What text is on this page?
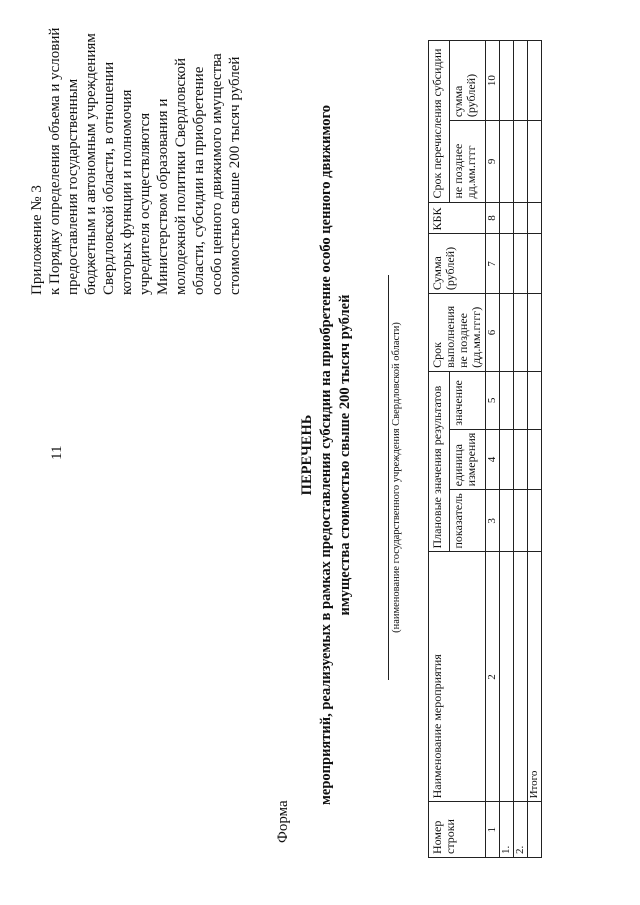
11
Приложение № 3 к Порядку определения объема и условий предоставления государственным бюджетным и автономным учреждениям Свердловской области, в отношении которых функции и полномочия учредителя осуществляются Министерством образования и молодежной политики Свердловской области, субсидии на приобретение особо ценного движимого имущества стоимостью свыше 200 тысяч рублей
Форма
ПЕРЕЧЕНЬ мероприятий, реализуемых в рамках предоставления субсидии на приобретение особо ценного движимого имущества стоимостью свыше 200 тысяч рублей	(наименование государственного учреждения Свердловской области)
Номер строки	Наименование мероприятия	Плановые значения результатов			Срок выполнения не позднее (дд.мм.гггг)	Сумма (рублей)	КБК	Срок перечисления субсидии	
		показатель	единица измерения	значение				не позднее дд.мм.гггг	сумма (рублей)
1	2	3	4	5	6	7	8	9	10
1.									
2.									
	Итого								
